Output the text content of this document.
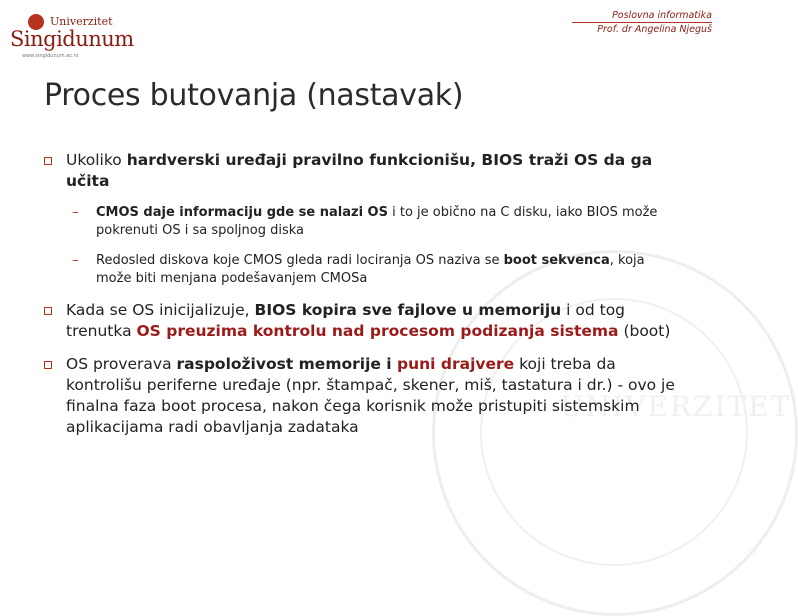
UNIVERZITET
Univerzitet
Singidunum
www.singidunum.ac.rs
Poslovna informatika
Prof. dr Angelina Njeguš
Proces butovanja (nastavak)
Ukoliko hardverski uređaji pravilno funkcionišu, BIOS traži OS da ga učita
– CMOS daje informaciju gde se nalazi OS i to je obično na C disku, iako BIOS može pokrenuti OS i sa spoljnog diska
– Redosled diskova koje CMOS gleda radi lociranja OS naziva se boot sekvenca, koja može biti menjana podešavanjem CMOSa
Kada se OS inicijalizuje, BIOS kopira sve fajlove u memoriju i od tog trenutka OS preuzima kontrolu nad procesom podizanja sistema (boot)
OS proverava raspoloživost memorije i puni drajvere koji treba da kontrolišu periferne uređaje (npr. štampač, skener, miš, tastatura i dr.) - ovo je finalna faza boot procesa, nakon čega korisnik može pristupiti sistemskim aplikacijama radi obavljanja zadataka
